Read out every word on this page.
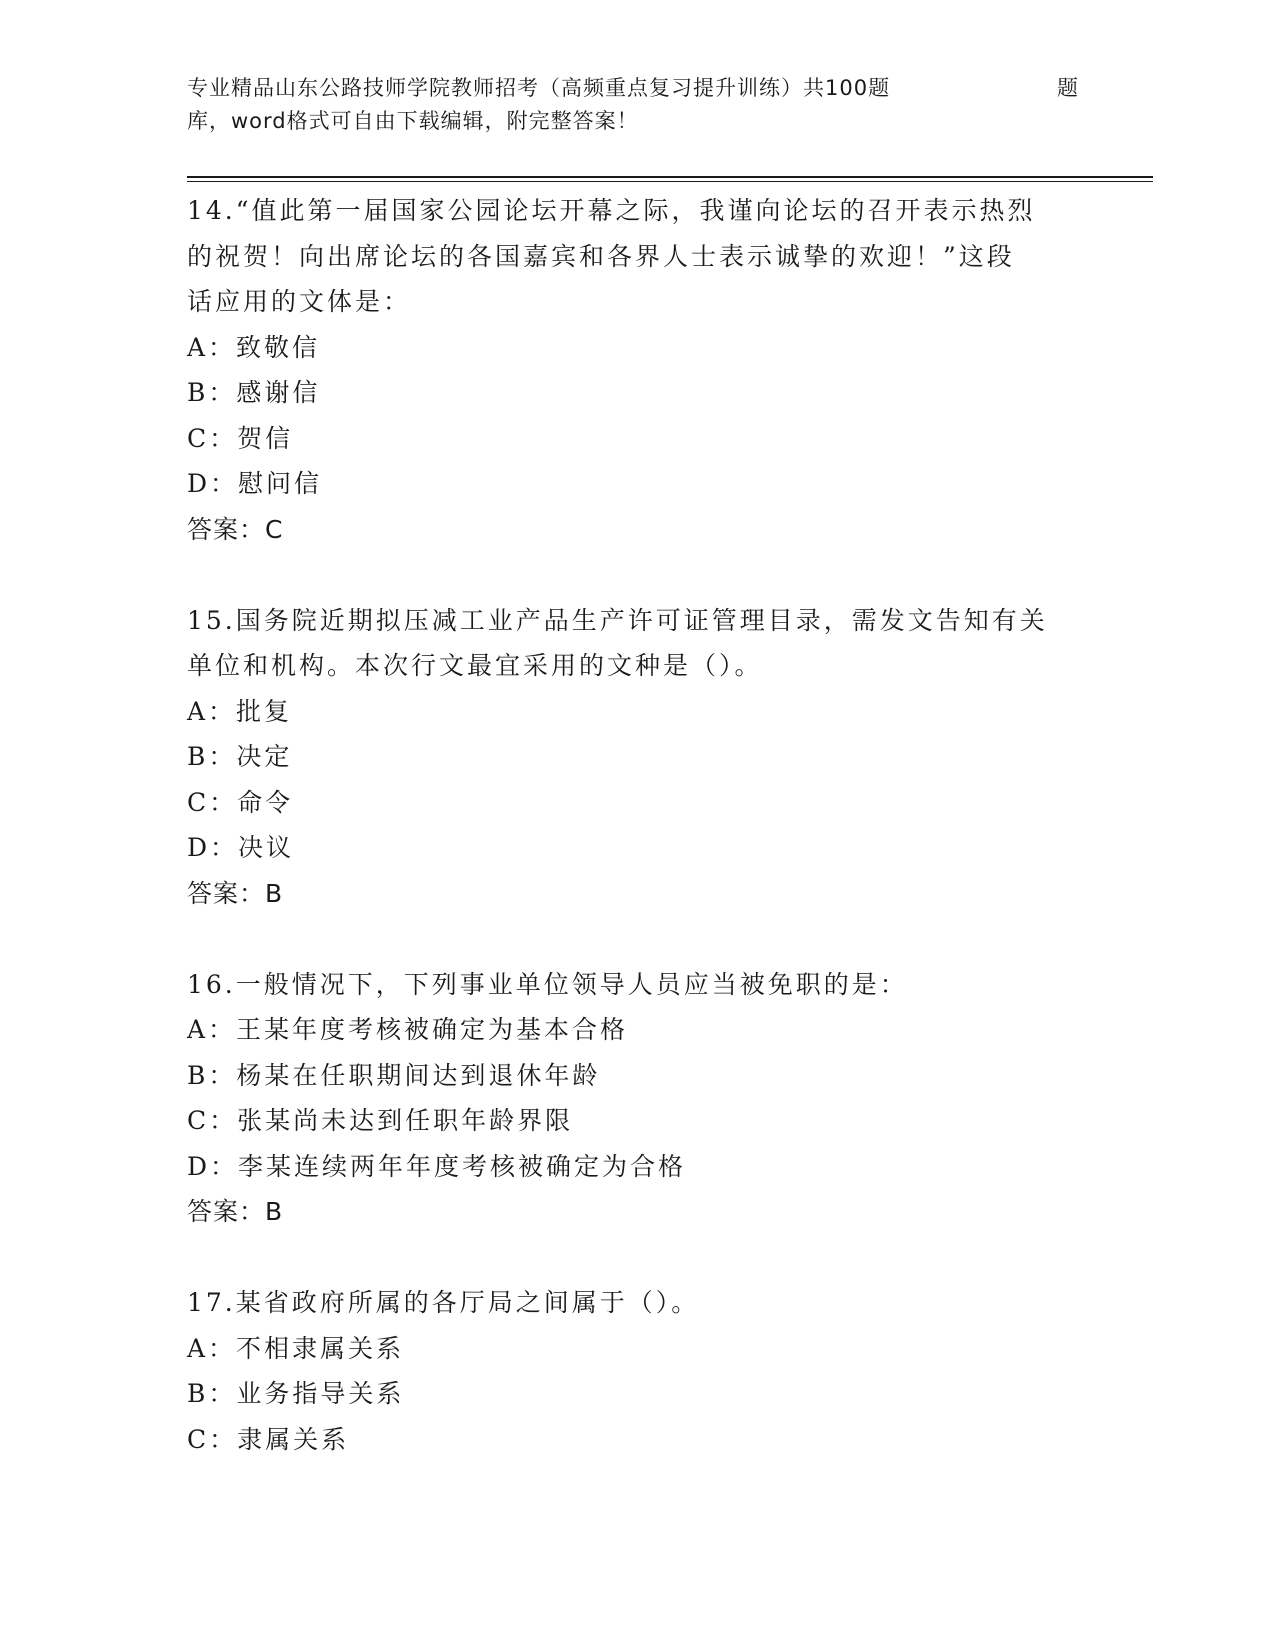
专业精品山东公路技师学院教师招考（高频重点复习提升训练）共100题	题
库，word格式可自由下载编辑，附完整答案！
14.“值此第一届国家公园论坛开幕之际，我谨向论坛的召开表示热烈
的祝贺！向出席论坛的各国嘉宾和各界人士表示诚挚的欢迎！”这段
话应用的文体是：
A：致敬信
B：感谢信
C：贺信
D：慰问信
答案：C
15.国务院近期拟压减工业产品生产许可证管理目录，需发文告知有关
单位和机构。本次行文最宜采用的文种是（）。
A：批复
B：决定
C：命令
D：决议
答案：B
16.一般情况下，下列事业单位领导人员应当被免职的是：
A：王某年度考核被确定为基本合格
B：杨某在任职期间达到退休年龄
C：张某尚未达到任职年龄界限
D：李某连续两年年度考核被确定为合格
答案：B
17.某省政府所属的各厅局之间属于（）。
A：不相隶属关系
B：业务指导关系
C：隶属关系
